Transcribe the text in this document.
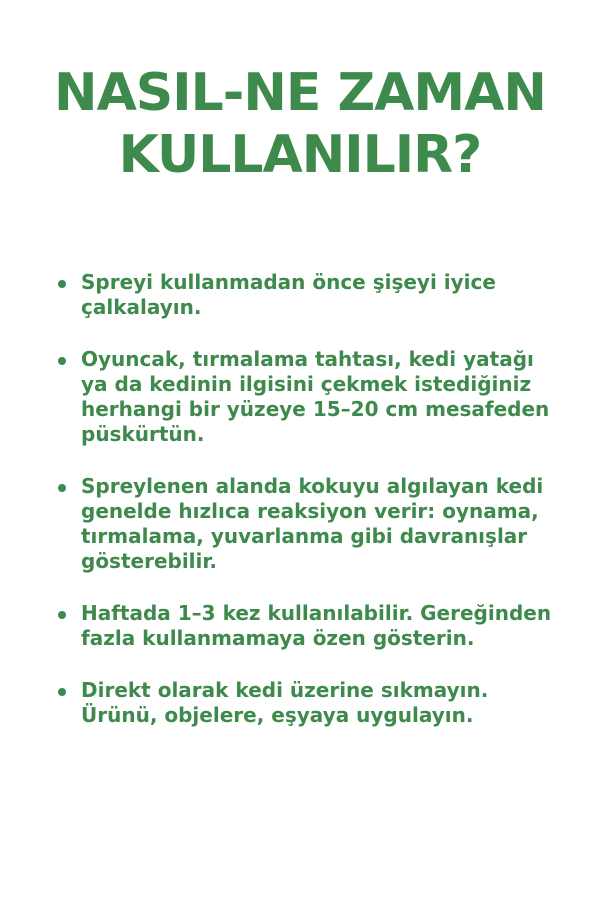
NASIL-NE ZAMAN
KULLANILIR?
Spreyi kullanmadan önce şişeyi iyice çalkalayın.
Oyuncak, tırmalama tahtası, kedi yatağı ya da kedinin ilgisini çekmek istediğiniz herhangi bir yüzeye 15–20 cm mesafeden püskürtün.
Spreylenen alanda kokuyu algılayan kedi genelde hızlıca reaksiyon verir: oynama, tırmalama, yuvarlanma gibi davranışlar gösterebilir.
Haftada 1–3 kez kullanılabilir. Gereğinden fazla kullanmamaya özen gösterin.
Direkt olarak kedi üzerine sıkmayın. Ürünü, objelere, eşyaya uygulayın.
